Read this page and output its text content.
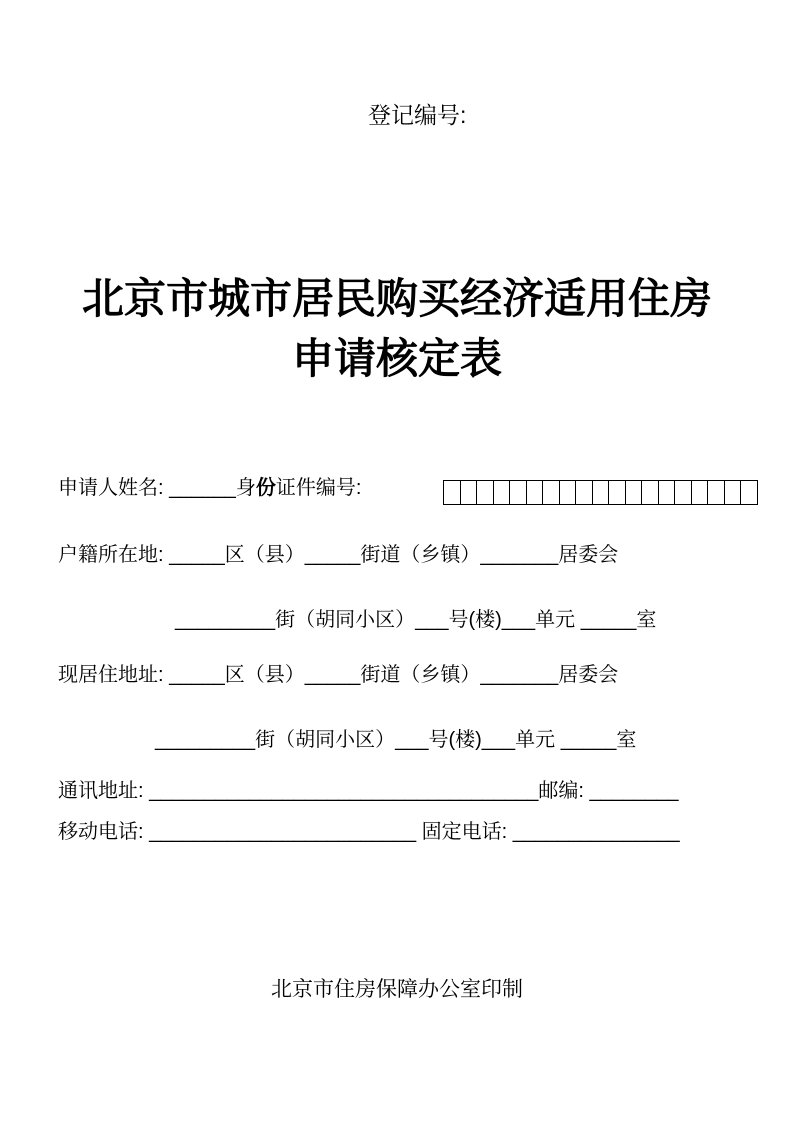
登记编号:
北京市城市居民购买经济适用住房
申请核定表
申请人姓名: ______身份证件编号:
户籍所在地: _____区（县）_____街道（乡镇）_______居委会
_________街（胡同小区）___号(楼)___单元 _____室
现居住地址: _____区（县）_____街道（乡镇）_______居委会
_________街（胡同小区）___号(楼)___单元 _____室
通讯地址: ___________________________________邮编: ________
移动电话: ________________________ 固定电话: _______________
北京市住房保障办公室印制
